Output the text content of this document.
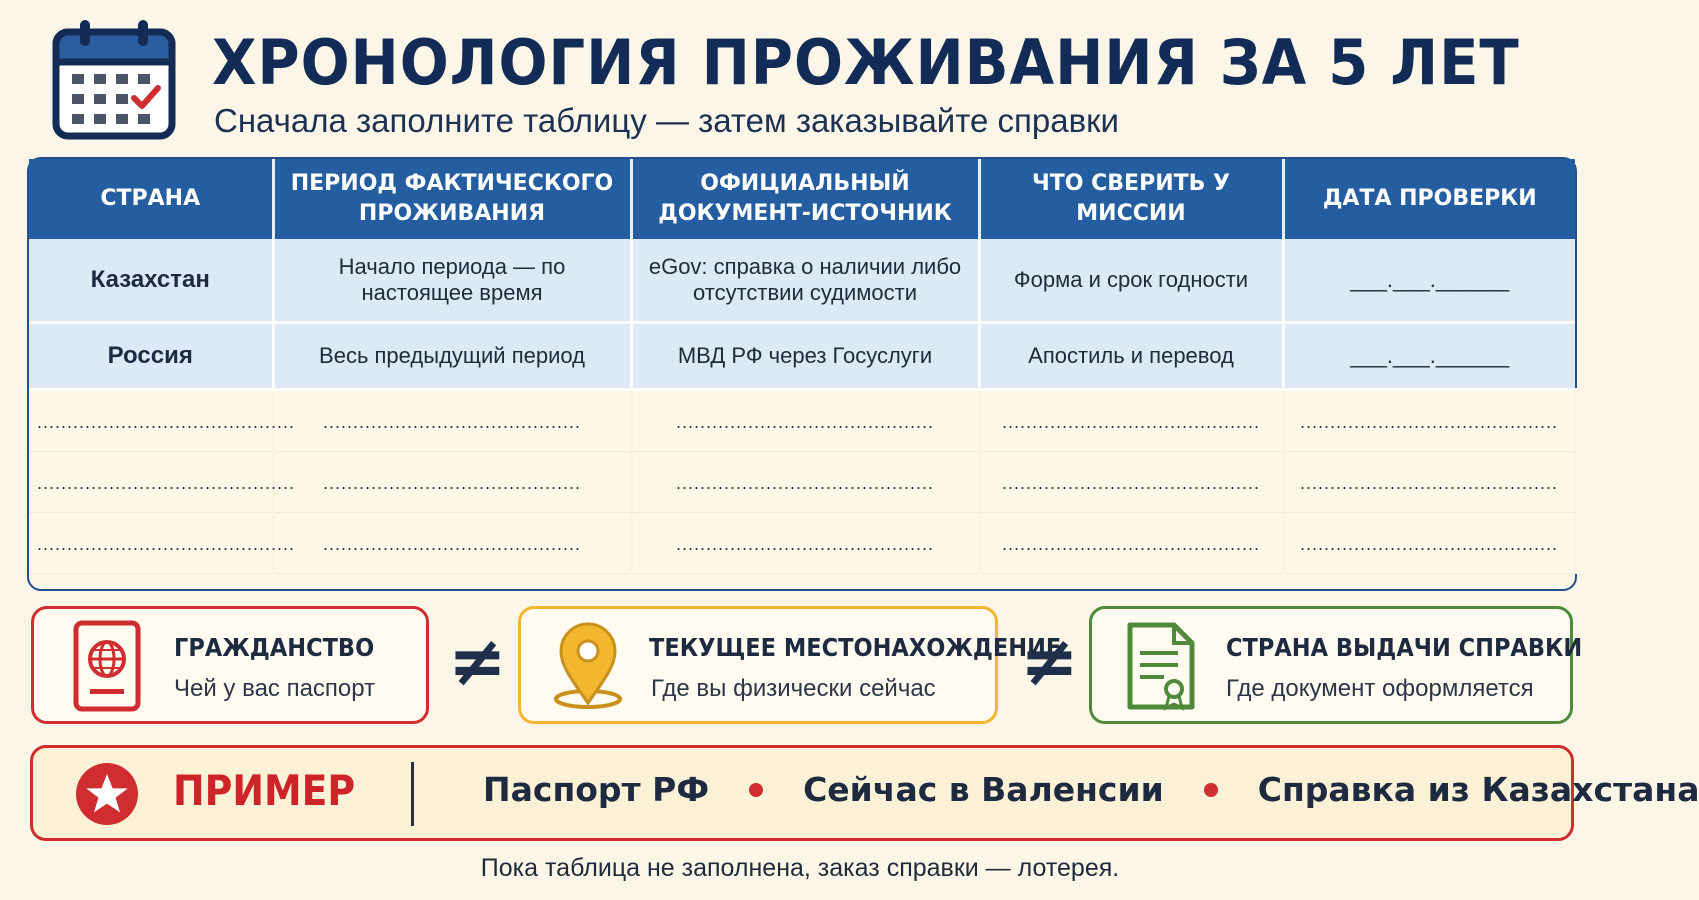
ХРОНОЛОГИЯ ПРОЖИВАНИЯ ЗА 5 ЛЕТ
Сначала заполните таблицу — затем заказывайте справки
СТРАНА	ПЕРИОД ФАКТИЧЕСКОГО ПРОЖИВАНИЯ	ОФИЦИАЛЬНЫЙ ДОКУМЕНТ-ИСТОЧНИК	ЧТО СВЕРИТЬ У МИССИИ	ДАТА ПРОВЕРКИ
Казахстан	Начало периода — по настоящее время	eGov: справка о наличии либо отсутствии судимости	Форма и срок годности	___.___.______
Россия	Весь предыдущий период	МВД РФ через Госуслуги	Апостиль и перевод	___.___.______
...........................................	...........................................	...........................................	...........................................	...........................................
...........................................	...........................................	...........................................	...........................................	...........................................
...........................................	...........................................	...........................................	...........................................	...........................................
ГРАЖДАНСТВО
Чей у вас паспорт ≠	ТЕКУЩЕЕ МЕСТОНАХОЖДЕНИЕ
Где вы физически сейчас ≠	СТРАНА ВЫДАЧИ СПРАВКИ
Где документ оформляется
ПРИМЕР	Паспорт РФ	Сейчас в Валенсии	Справка из Казахстана
Пока таблица не заполнена, заказ справки — лотерея.
